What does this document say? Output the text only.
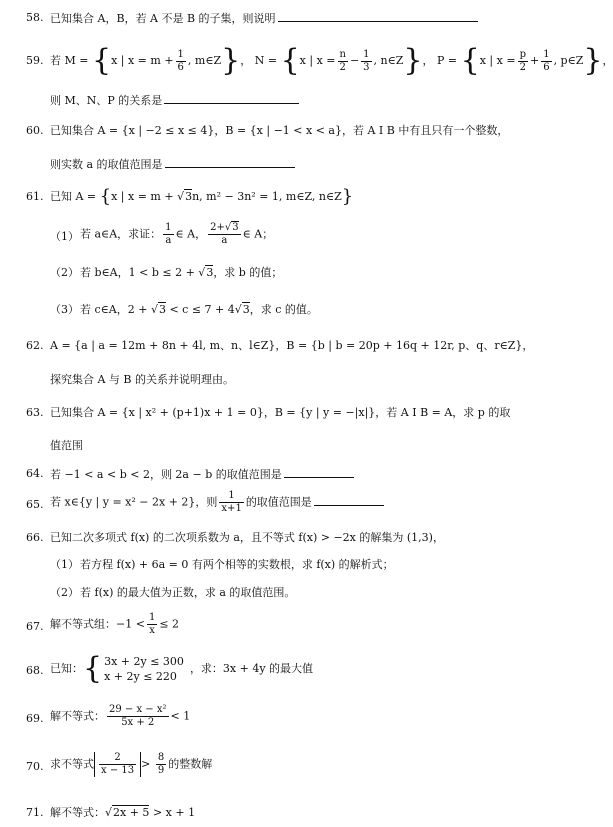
58. 已知集合 A，B，若 A 不是 B 的子集，则说明
59. 若 M = {x | $x = m + \frac{1}{6}$ , m∈Z}， N = {x | $x = \frac{n}{2} - \frac{1}{3}$ , n∈Z}， P = {x | $x = \frac{p}{2} + \frac{1}{6}$ , p∈Z}，
则 M、N、P 的关系是
60. 已知集合 A = {x | −2 ≤ x ≤ 4}，B = {x | −1 < x < a}，若 A I B 中有且只有一个整数，
则实数 a 的取值范围是
61. 已知 A = {x | x = m + √3n, m² − 3n² = 1, m∈Z, n∈Z}
（1） 若 a∈A，求证： $\frac{1}{a}$ ∈ A， $\frac{2+√3}{a}$ ∈ A；
（2） 若 b∈A，1 < b ≤ 2 + √3，求 b 的值；
（3） 若 c∈A，2 + √3 < c ≤ 7 + 4√3，求 c 的值。
62. A = {a | a = 12m + 8n + 4l, m、n、l∈Z}，B = {b | b = 20p + 16q + 12r, p、q、r∈Z}，
探究集合 A 与 B 的关系并说明理由。
63. 已知集合 A = {x | x² + (p+1)x + 1 = 0}，B = {y | y = −|x|}，若 A I B = A，求 p 的取
值范围
64. 若 −1 < a < b < 2，则 2a − b 的取值范围是
65. 若 x∈{y | y = x² − 2x + 2}，则 $\frac{1}{x+1}$ 的取值范围是
66. 已知二次多项式 f(x) 的二次项系数为 a，且不等式 f(x) > −2x 的解集为 (1,3)，
（1） 若方程 f(x) + 6a = 0 有两个相等的实数根，求 f(x) 的解析式；
（2） 若 f(x) 的最大值为正数，求 a 的取值范围。
67. 解不等式组：$-1 < \frac{1}{x} \le 2$
68. 已知：{ 3x + 2y ≤ 300
x + 2y ≤ 220
，求：3x + 4y 的最大值
69. 解不等式： $\frac{\text{29 − x − x²}}{5x + 2} < 1$
70. 求不等式 $\frac{2}{x - 13} > \frac{8}{9}$ 的整数解
71. 解不等式：√2x + 5 > x + 1
